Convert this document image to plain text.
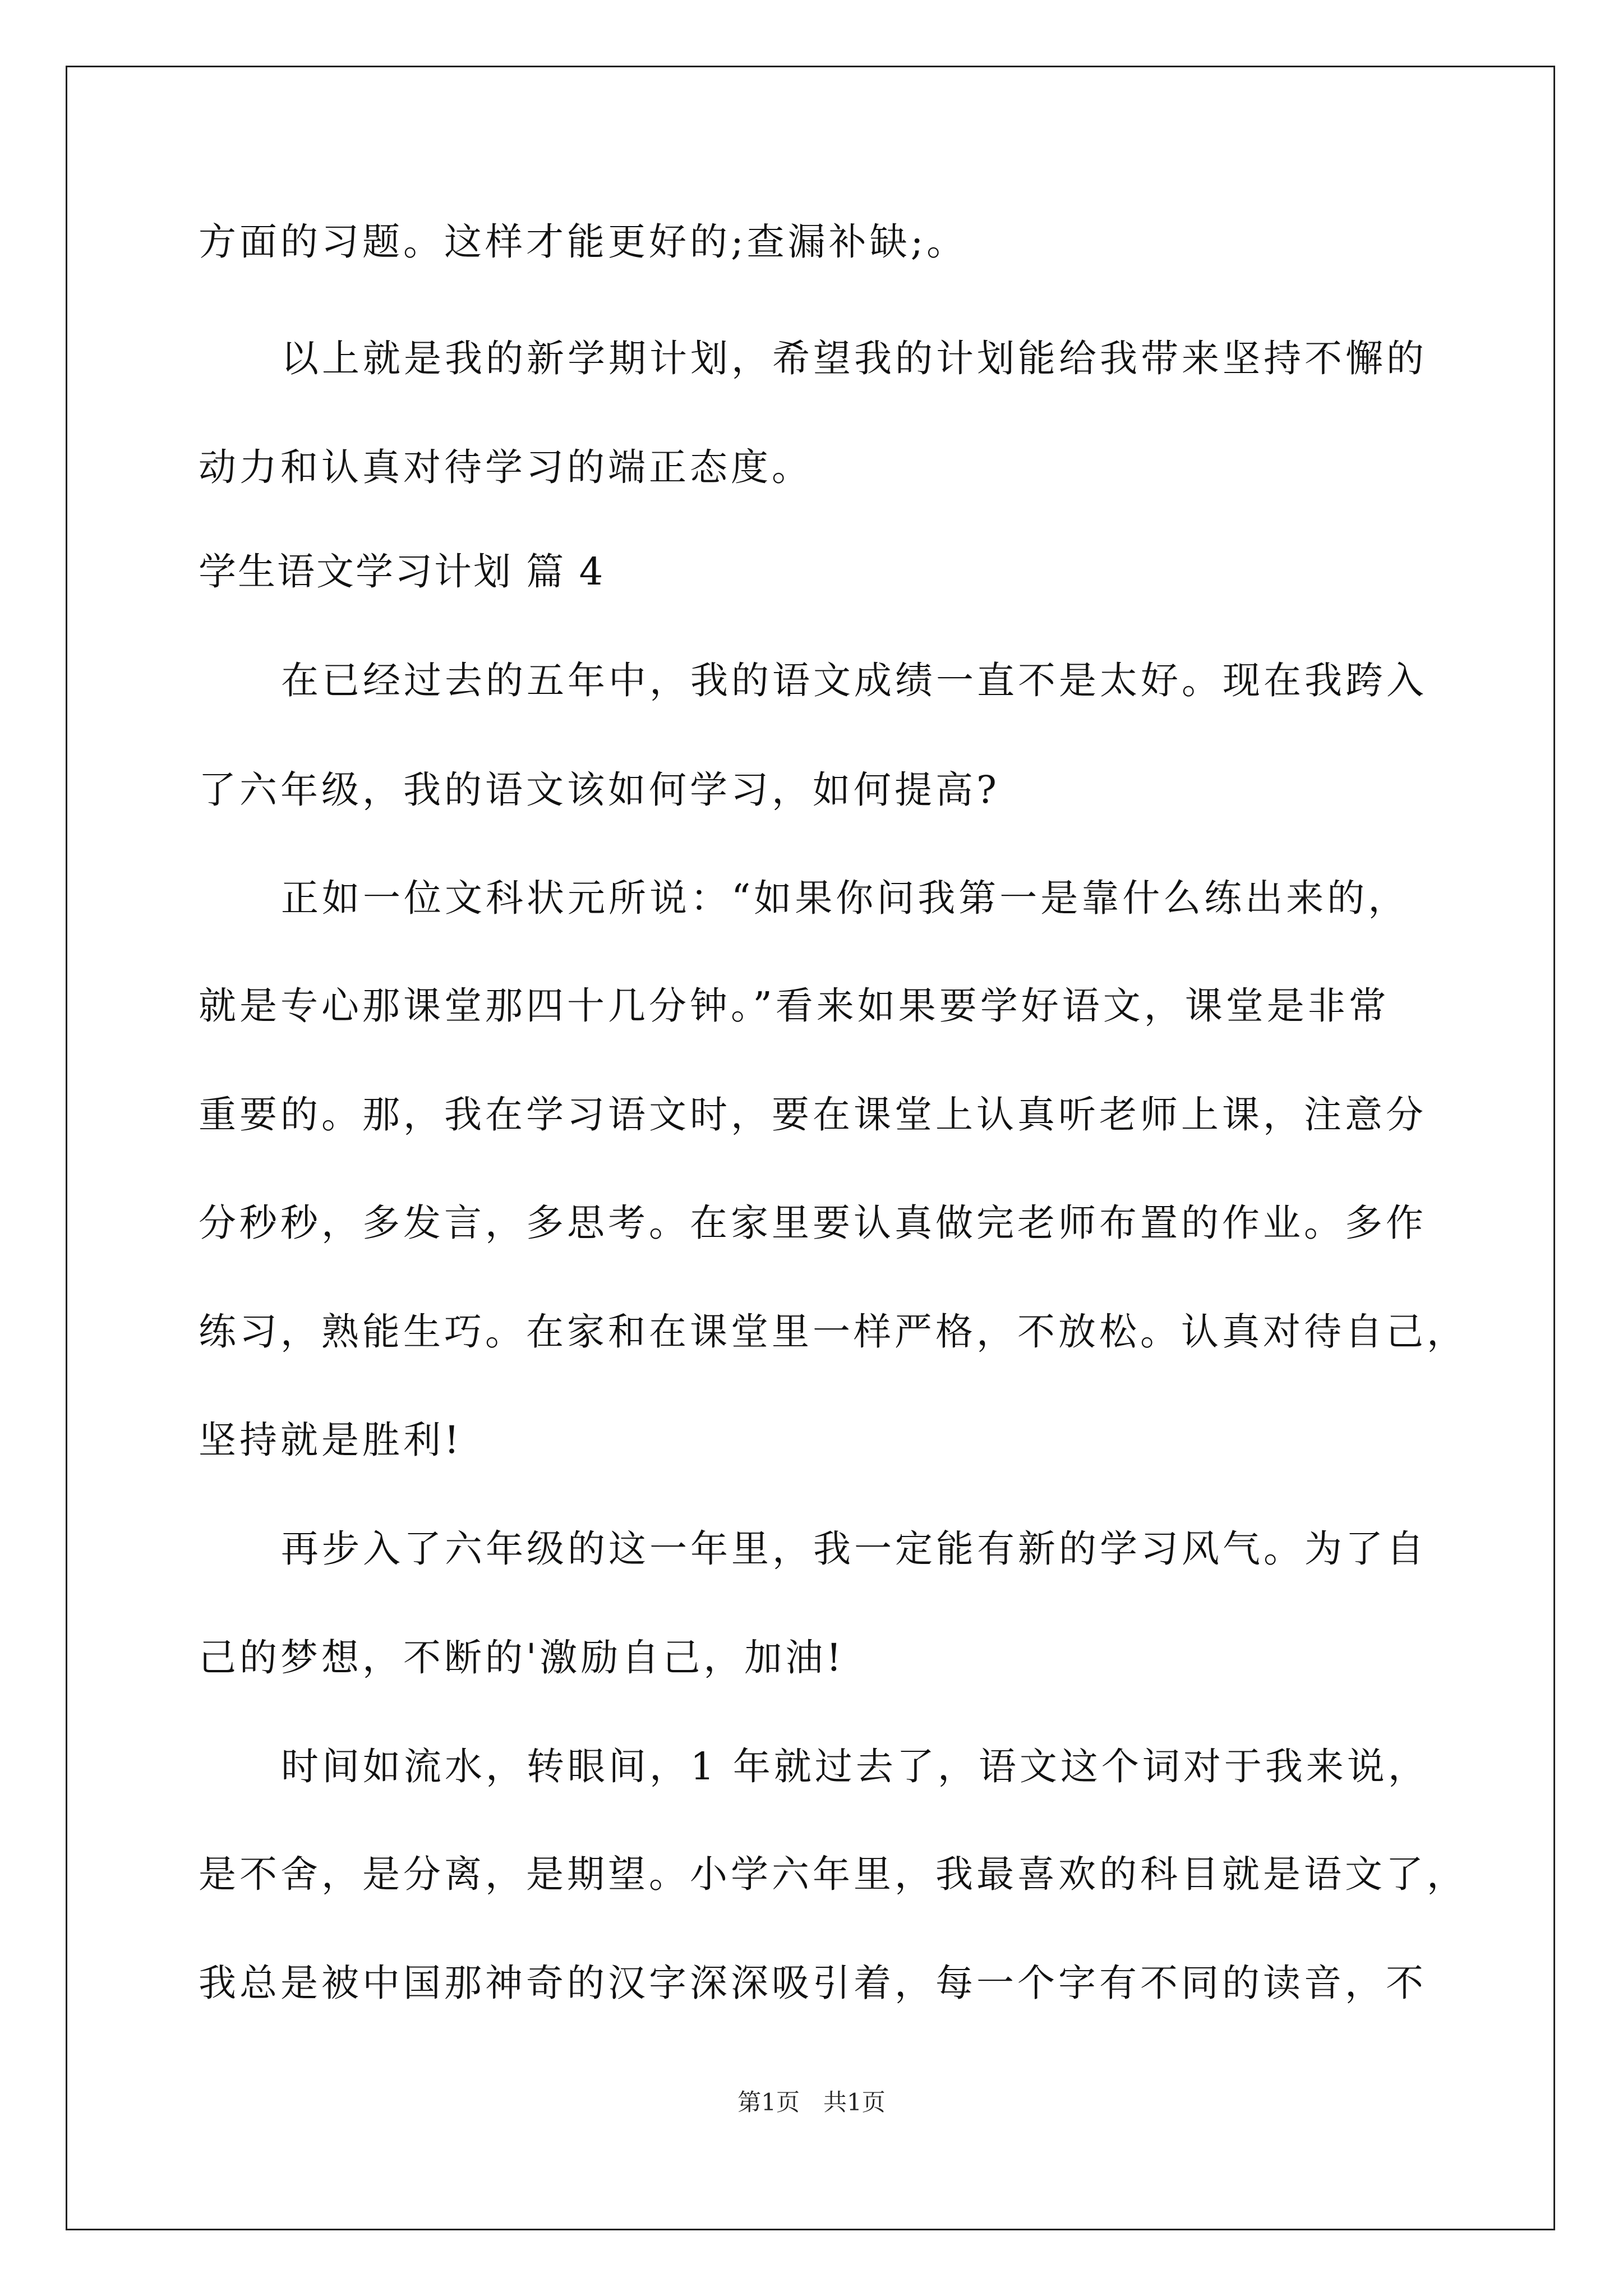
方面的习题。这样才能更好的;查漏补缺;。
以上就是我的新学期计划，希望我的计划能给我带来坚持不懈的
动力和认真对待学习的端正态度。
学生语文学习计划 篇 4
在已经过去的五年中，我的语文成绩一直不是太好。现在我跨入
了六年级，我的语文该如何学习，如何提高?
正如一位文科状元所说：“如果你问我第一是靠什么练出来的，
就是专心那课堂那四十几分钟。”看来如果要学好语文，课堂是非常
重要的。那，我在学习语文时，要在课堂上认真听老师上课，注意分
分秒秒，多发言，多思考。在家里要认真做完老师布置的作业。多作
练习，熟能生巧。在家和在课堂里一样严格，不放松。认真对待自己，
坚持就是胜利!
再步入了六年级的这一年里，我一定能有新的学习风气。为了自
己的梦想，不断的'激励自己，加油!
时间如流水，转眼间，1 年就过去了，语文这个词对于我来说，
是不舍，是分离，是期望。小学六年里，我最喜欢的科目就是语文了，
我总是被中国那神奇的汉字深深吸引着，每一个字有不同的读音，不
第1页　共1页
